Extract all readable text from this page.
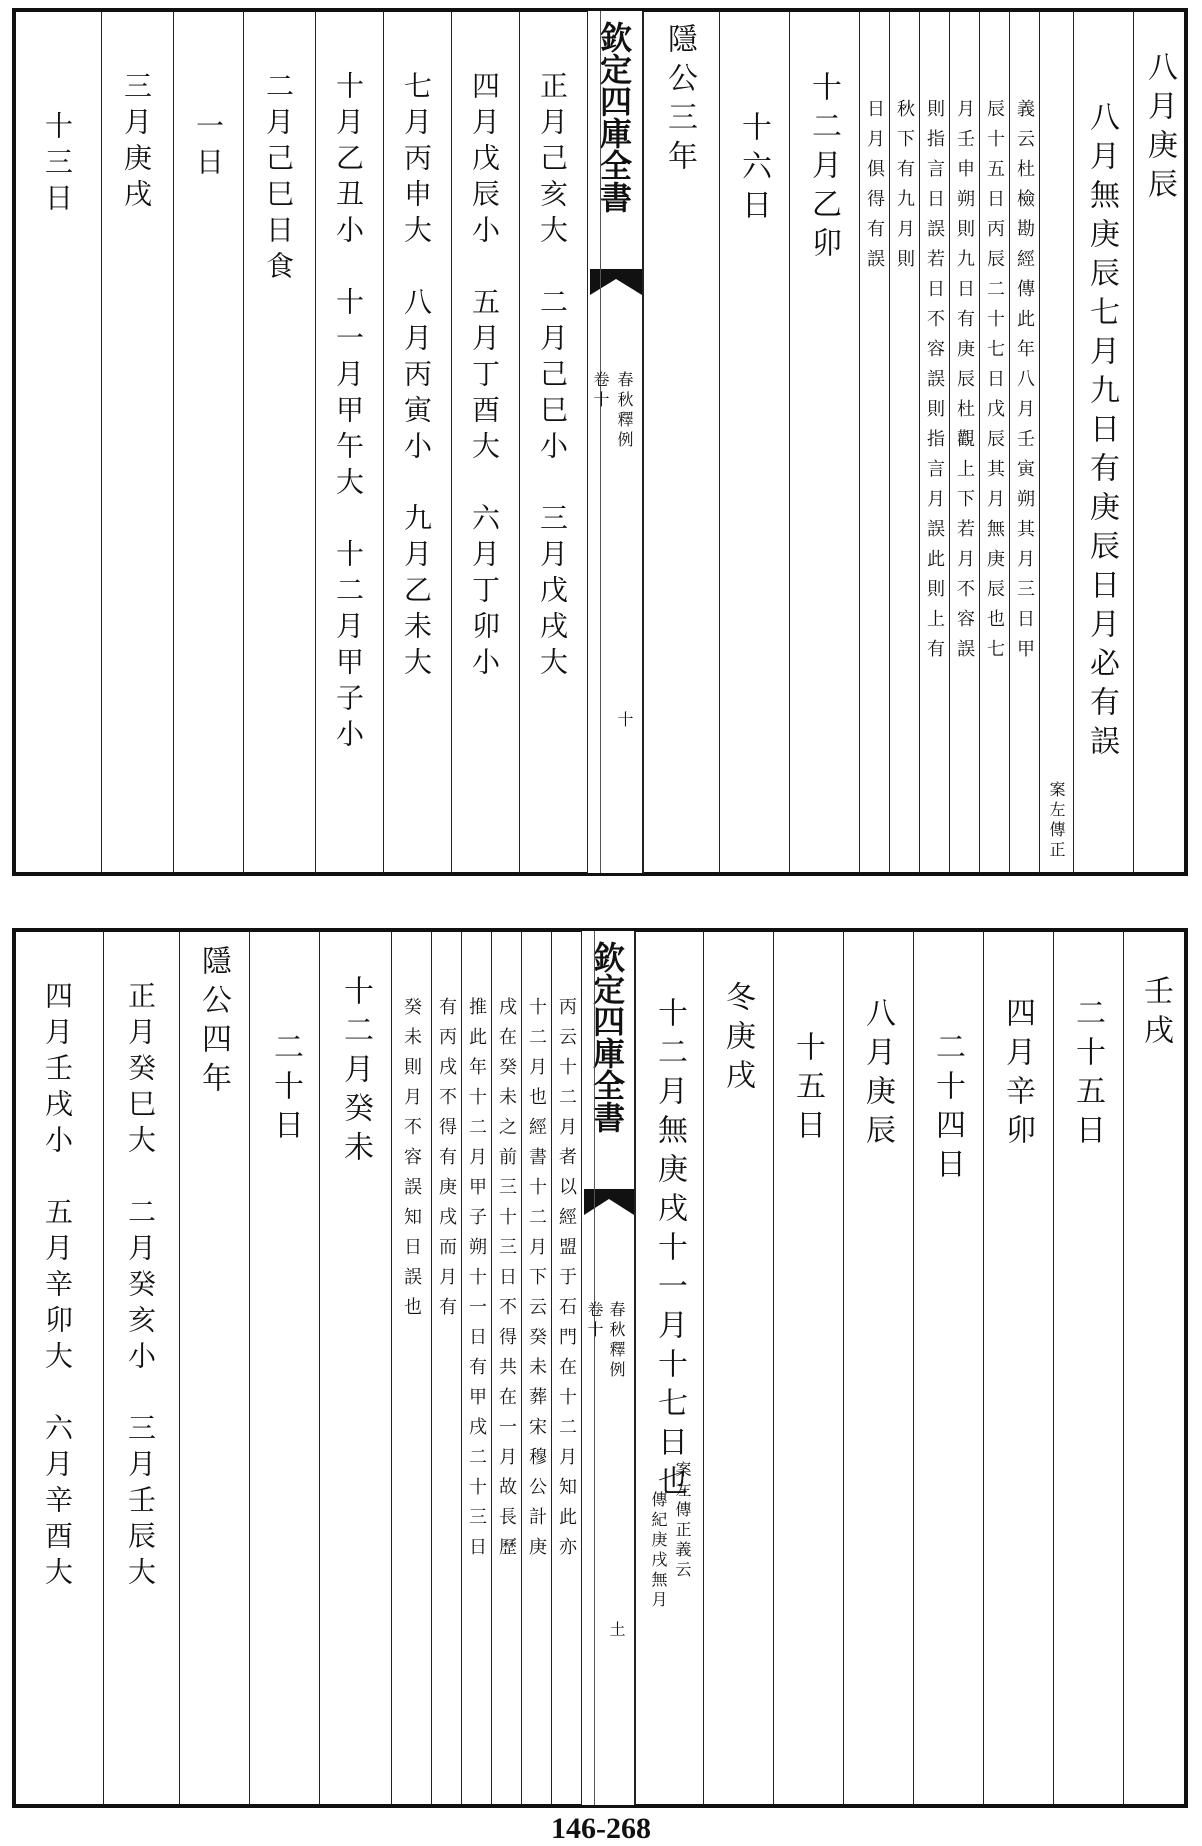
八月庚辰
八月無庚辰七月九日有庚辰日月必有誤
案左傳正
義云杜檢勘經傳此年八月壬寅朔其月三日甲
辰十五日丙辰二十七日戊辰其月無庚辰也七
月壬申朔則九日有庚辰杜觀上下若月不容誤
則指言日誤若日不容誤則指言月誤此則上有
秋下有九月則
日月俱得有誤
十二月乙卯
十六日
隱公三年
欽定四庫全書
春秋釋例
卷十
十
正月己亥大　二月己巳小　三月戊戌大
四月戊辰小　五月丁酉大　六月丁卯小
七月丙申大　八月丙寅小　九月乙未大
十月乙丑小　十一月甲午大　十二月甲子小
二月己巳日食
一日
三月庚戌
十三日
壬戌
二十五日
四月辛卯
二十四日
八月庚辰
十五日
冬庚戌
十二月無庚戌十一月十七日也
案左傳正義云
傳紀庚戌無月
欽定四庫全書
春秋釋例
卷十
土
丙云十二月者以經盟于石門在十二月知此亦
十二月也經書十二月下云癸未葬宋穆公計庚
戌在癸未之前三十三日不得共在一月故長歷
推此年十二月甲子朔十一日有甲戌二十三日
有丙戌不得有庚戌而月有
癸未則月不容誤知日誤也
十二月癸未
二十日
隱公四年
正月癸巳大　二月癸亥小　三月壬辰大
四月壬戌小　五月辛卯大　六月辛酉大
146-268
